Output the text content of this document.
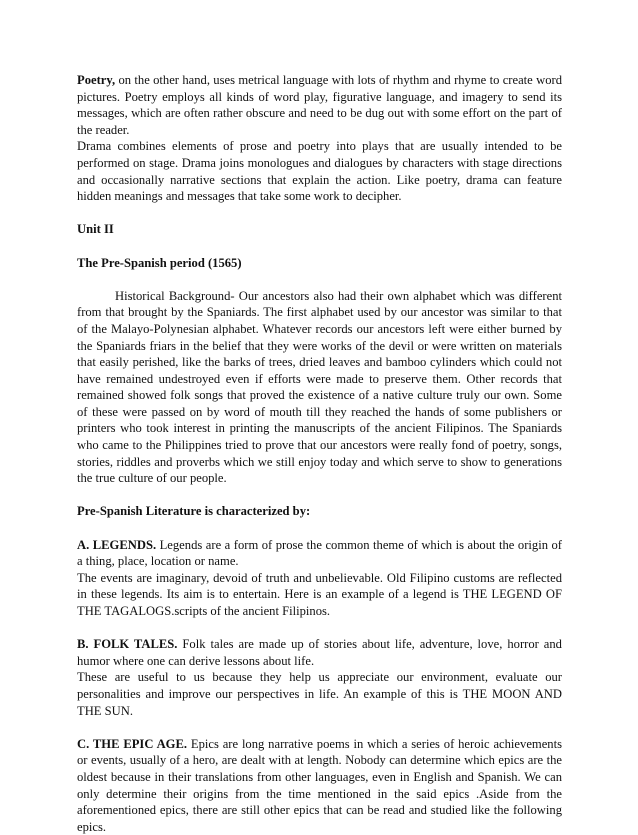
Poetry, on the other hand, uses metrical language with lots of rhythm and rhyme to create word pictures. Poetry employs all kinds of word play, figurative language, and imagery to send its messages, which are often rather obscure and need to be dug out with some effort on the part of the reader.

Drama combines elements of prose and poetry into plays that are usually intended to be performed on stage. Drama joins monologues and dialogues by characters with stage directions and occasionally narrative sections that explain the action. Like poetry, drama can feature hidden meanings and messages that take some work to decipher.

Unit II

The Pre-Spanish period (1565)

Historical Background- Our ancestors also had their own alphabet which was different from that brought by the Spaniards. The first alphabet used by our ancestor was similar to that of the Malayo-Polynesian alphabet. Whatever records our ancestors left were either burned by the Spaniards friars in the belief that they were works of the devil or were written on materials that easily perished, like the barks of trees, dried leaves and bamboo cylinders which could not have remained undestroyed even if efforts were made to preserve them. Other records that remained showed folk songs that proved the existence of a native culture truly our own. Some of these were passed on by word of mouth till they reached the hands of some publishers or printers who took interest in printing the manuscripts of the ancient Filipinos. The Spaniards who came to the Philippines tried to prove that our ancestors were really fond of poetry, songs, stories, riddles and proverbs which we still enjoy today and which serve to show to generations the true culture of our people.

Pre-Spanish Literature is characterized by:

A. LEGENDS. Legends are a form of prose the common theme of which is about the origin of a thing, place, location or name.

The events are imaginary, devoid of truth and unbelievable. Old Filipino customs are reflected in these legends. Its aim is to entertain. Here is an example of a legend is THE LEGEND OF THE TAGALOGS.scripts of the ancient Filipinos.

B. FOLK TALES. Folk tales are made up of stories about life, adventure, love, horror and humor where one can derive lessons about life.

These are useful to us because they help us appreciate our environment, evaluate our personalities and improve our perspectives in life. An example of this is THE MOON AND THE SUN.

C. THE EPIC AGE. Epics are long narrative poems in which a series of heroic achievements or events, usually of a hero, are dealt with at length. Nobody can determine which epics are the oldest because in their translations from other languages, even in English and Spanish. We can only determine their origins from the time mentioned in the said epics .Aside from the aforementioned epics, there are still other epics that can be read and studied like the following epics.
